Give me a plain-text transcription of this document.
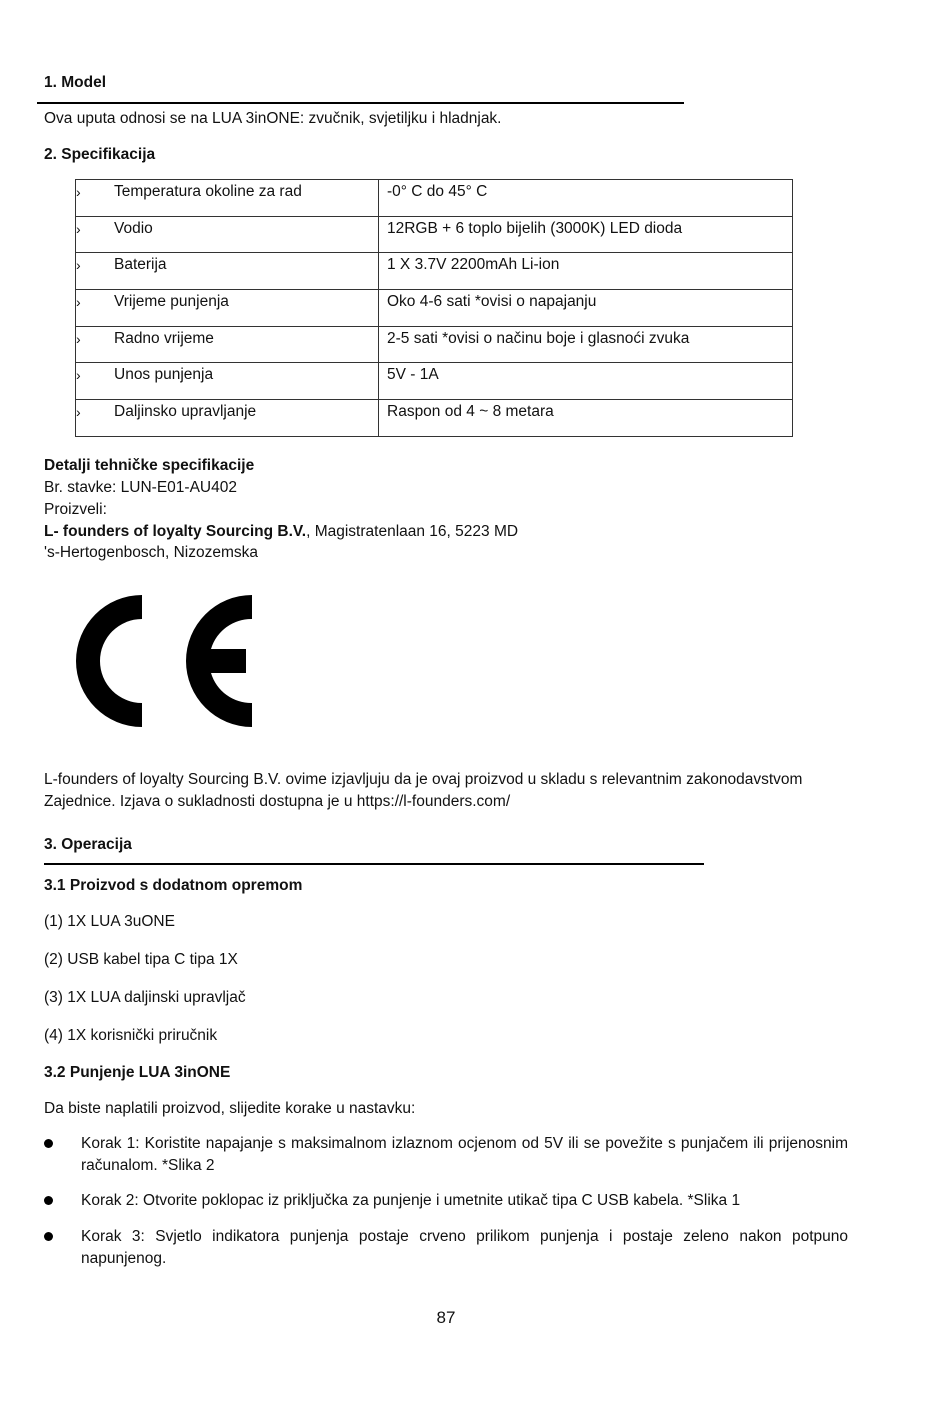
1. Model
Ova uputa odnosi se na LUA 3inONE: zvučnik, svjetiljku i hladnjak.
2. Specifikacija
› Temperatura okoline za rad	-0° C do 45° C

› Vodio	12RGB + 6 toplo bijelih (3000K) LED dioda

› Baterija	1 X 3.7V 2200mAh Li-ion

› Vrijeme punjenja	Oko 4-6 sati *ovisi o napajanju

› Radno vrijeme	2-5 sati *ovisi o načinu boje i glasnoći zvuka

› Unos punjenja	5V - 1A

› Daljinsko upravljanje	Raspon od 4 ~ 8 metara
Detalji tehničke specifikacije
Br. stavke: LUN-E01-AU402
Proizveli:
L- founders of loyalty Sourcing B.V., Magistratenlaan 16, 5223 MD
's-Hertogenbosch, Nizozemska
L-founders of loyalty Sourcing B.V. ovime izjavljuju da je ovaj proizvod u skladu s relevantnim zakonodavstvom
Zajednice. Izjava o sukladnosti dostupna je u https://l-founders.com/
3. Operacija
3.1 Proizvod s dodatnom opremom
(1) 1X LUA 3uONE
(2) USB kabel tipa C tipa 1X
(3) 1X LUA daljinski upravljač
(4) 1X korisnički priručnik
3.2 Punjenje LUA 3inONE
Da biste naplatili proizvod, slijedite korake u nastavku:
Korak 1: Koristite napajanje s maksimalnom izlaznom ocjenom od 5V ili se povežite s punjačem ili prijenosnim računalom. *Slika 2
Korak 2: Otvorite poklopac iz priključka za punjenje i umetnite utikač tipa C USB kabela. *Slika 1
Korak 3: Svjetlo indikatora punjenja postaje crveno prilikom punjenja i postaje zeleno nakon potpuno napunjenog.
87
